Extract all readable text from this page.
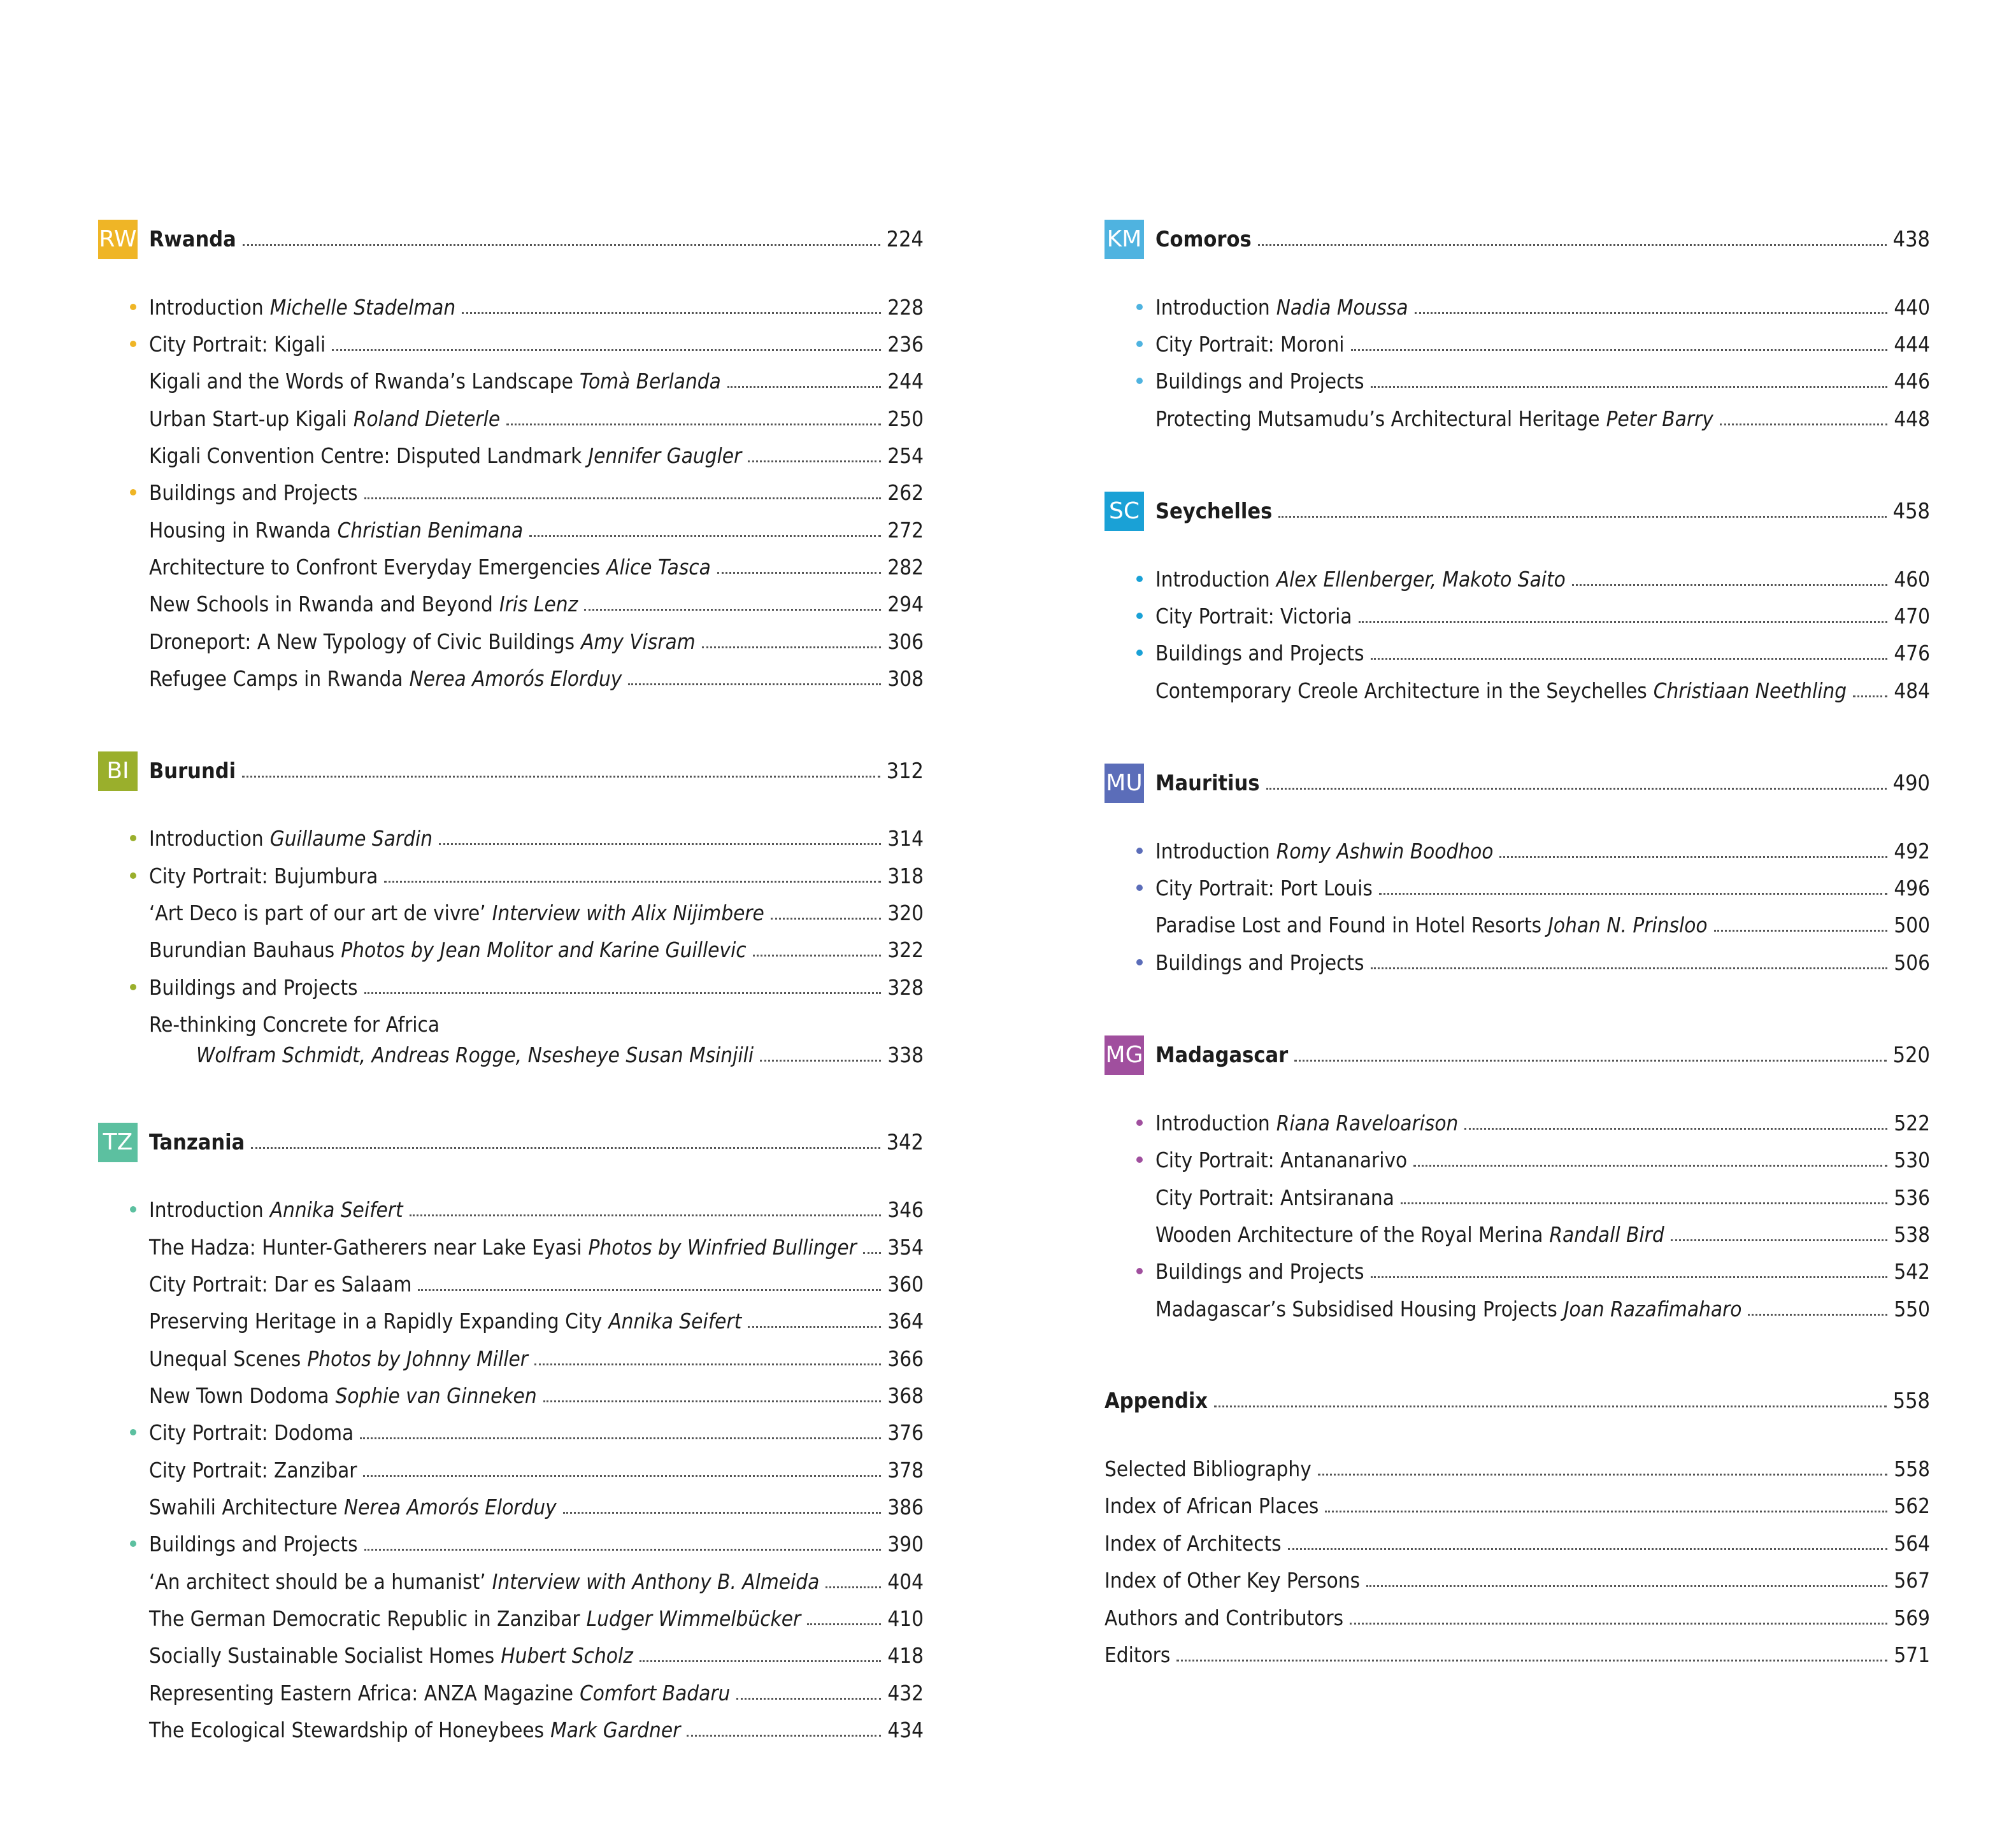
RW Rwanda	224
Introduction Michelle Stadelman	228
City Portrait: Kigali	236
Kigali and the Words of Rwanda’s Landscape Tomà Berlanda	244
Urban Start-up Kigali Roland Dieterle	250
Kigali Convention Centre: Disputed Landmark Jennifer Gaugler	254
Buildings and Projects	262
Housing in Rwanda Christian Benimana	272
Architecture to Confront Everyday Emergencies Alice Tasca	282
New Schools in Rwanda and Beyond Iris Lenz	294
Droneport: A New Typology of Civic Buildings Amy Visram	306
Refugee Camps in Rwanda Nerea Amorós Elorduy	308
BI Burundi	312
Introduction Guillaume Sardin	314
City Portrait: Bujumbura	318
‘Art Deco is part of our art de vivre’ Interview with Alix Nijimbere	320
Burundian Bauhaus Photos by Jean Molitor and Karine Guillevic	322
Buildings and Projects	328
Re-thinking Concrete for Africa
Wolfram Schmidt, Andreas Rogge, Nsesheye Susan Msinjili	338
TZ Tanzania	342
Introduction Annika Seifert	346
The Hadza: Hunter-Gatherers near Lake Eyasi Photos by Winfried Bullinger 354
City Portrait: Dar es Salaam	360
Preserving Heritage in a Rapidly Expanding City Annika Seifert	364
Unequal Scenes Photos by Johnny Miller	366
New Town Dodoma Sophie van Ginneken	368
City Portrait: Dodoma	376
City Portrait: Zanzibar	378
Swahili Architecture Nerea Amorós Elorduy	386
Buildings and Projects	390
‘An architect should be a humanist’ Interview with Anthony B. Almeida	404
The German Democratic Republic in Zanzibar Ludger Wimmelbücker	410
Socially Sustainable Socialist Homes Hubert Scholz	418
Representing Eastern Africa: ANZA Magazine Comfort Badaru	432
The Ecological Stewardship of Honeybees Mark Gardner	434
KM Comoros	438
Introduction Nadia Moussa	440
City Portrait: Moroni	444
Buildings and Projects	446
Protecting Mutsamudu’s Architectural Heritage Peter Barry	448
SC Seychelles	458
Introduction Alex Ellenberger, Makoto Saito	460
City Portrait: Victoria	470
Buildings and Projects	476
Contemporary Creole Architecture in the Seychelles Christiaan Neethling 484
MU Mauritius	490
Introduction Romy Ashwin Boodhoo	492
City Portrait: Port Louis	496
Paradise Lost and Found in Hotel Resorts Johan N. Prinsloo	500
Buildings and Projects	506
MG Madagascar	520
Introduction Riana Raveloarison	522
City Portrait: Antananarivo	530
City Portrait: Antsiranana	536
Wooden Architecture of the Royal Merina Randall Bird	538
Buildings and Projects	542
Madagascar’s Subsidised Housing Projects Joan Razafimaharo	550
Appendix	558
Selected Bibliography	558
Index of African Places	562
Index of Architects	564
Index of Other Key Persons	567
Authors and Contributors	569
Editors	571
